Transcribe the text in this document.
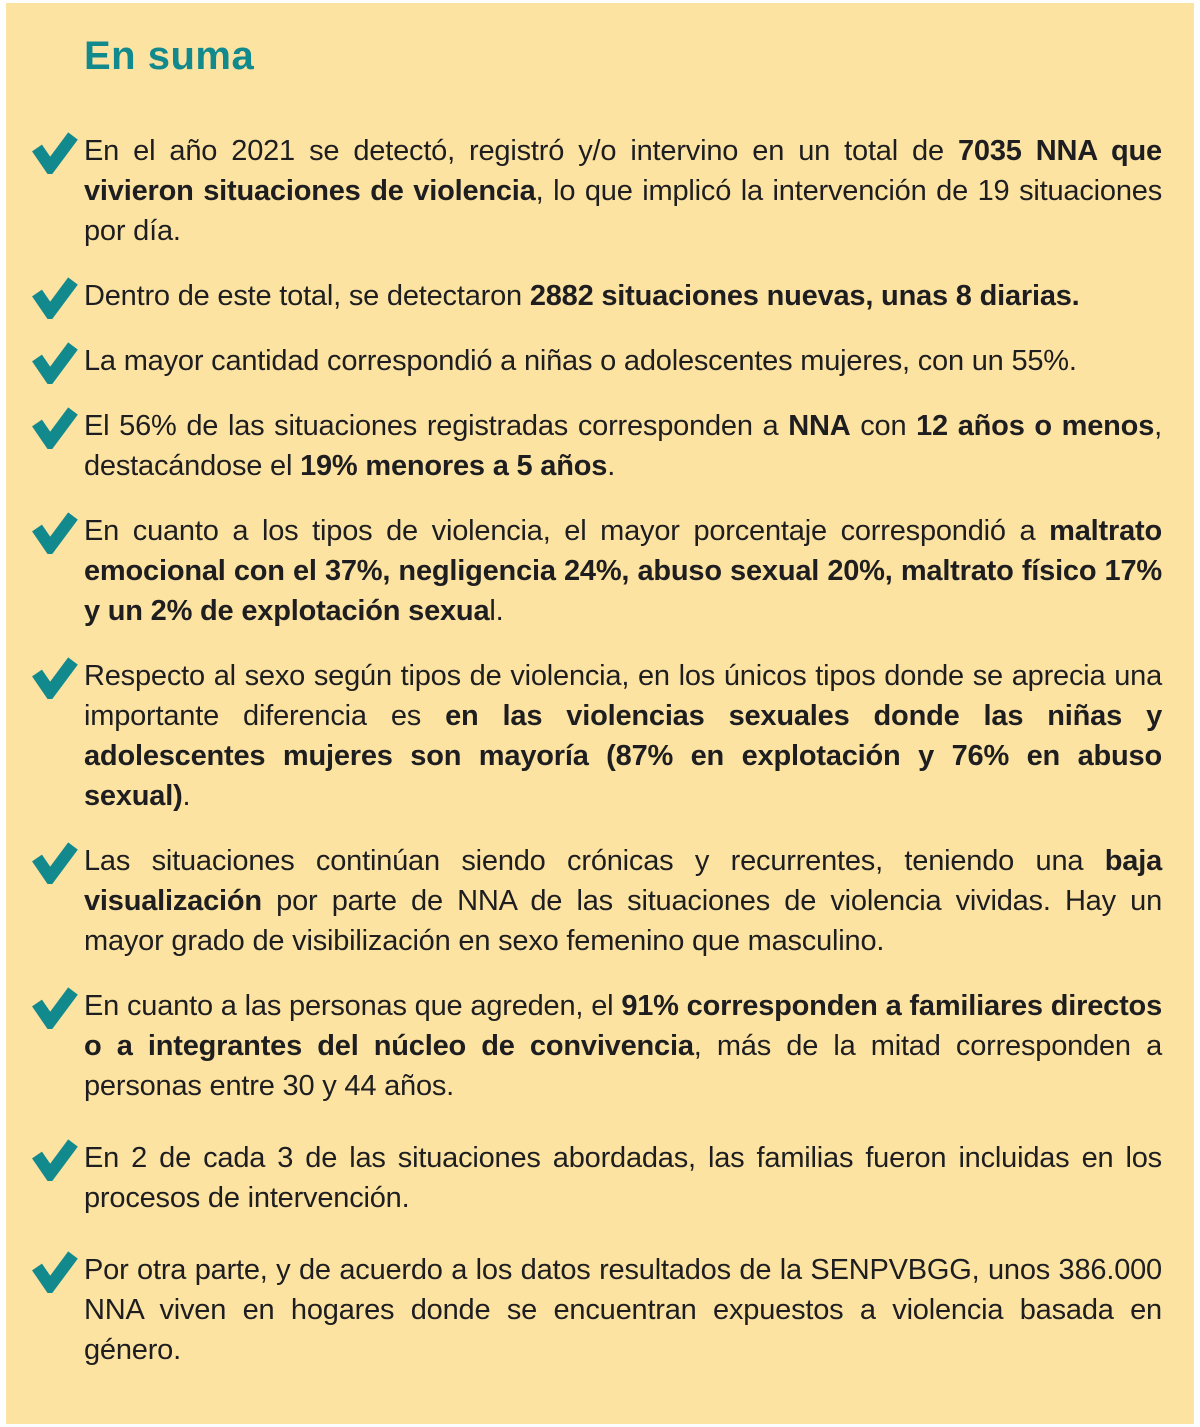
En suma

En el año 2021 se detectó, registró y/o intervino en un total de 7035 NNA que vivieron situaciones de violencia, lo que implicó la intervención de 19 situaciones por día.

Dentro de este total, se detectaron 2882 situaciones nuevas, unas 8 diarias.

La mayor cantidad correspondió a niñas o adolescentes mujeres, con un 55%.

El 56% de las situaciones registradas corresponden a NNA con 12 años o menos, destacándose el 19% menores a 5 años.

En cuanto a los tipos de violencia, el mayor porcentaje correspondió a maltrato emocional con el 37%, negligencia 24%, abuso sexual 20%, maltrato físico 17% y un 2% de explotación sexual.

Respecto al sexo según tipos de violencia, en los únicos tipos donde se aprecia una importante diferencia es en las violencias sexuales donde las niñas y adolescentes mujeres son mayoría (87% en explotación y 76% en abuso sexual).

Las situaciones continúan siendo crónicas y recurrentes, teniendo una baja visualización por parte de NNA de las situaciones de violencia vividas. Hay un mayor grado de visibilización en sexo femenino que masculino.

En cuanto a las personas que agreden, el 91% corresponden a familiares directos o a integrantes del núcleo de convivencia, más de la mitad corresponden a personas entre 30 y 44 años.

En 2 de cada 3 de las situaciones abordadas, las familias fueron incluidas en los procesos de intervención.

Por otra parte, y de acuerdo a los datos resultados de la SENPVBGG, unos 386.000 NNA viven en hogares donde se encuentran expuestos a violencia basada en género.
